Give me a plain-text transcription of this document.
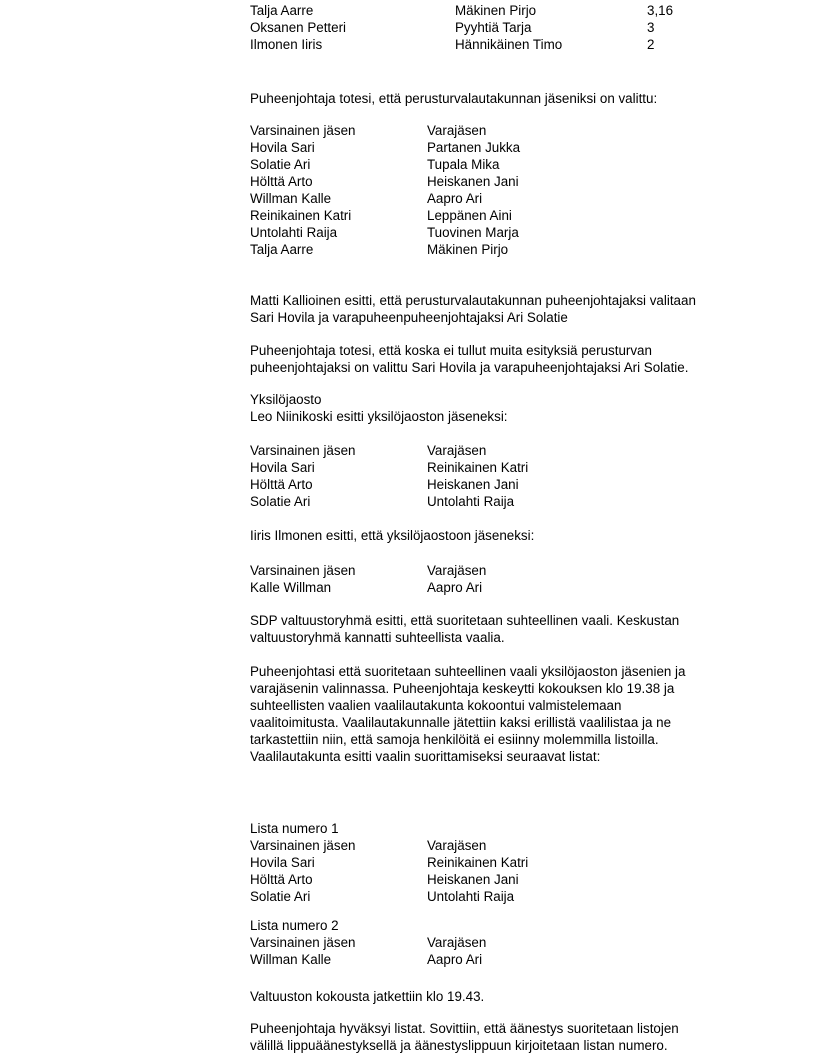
Talja Aarre	Mäkinen Pirjo	3,16
Oksanen Petteri	Pyyhtiä Tarja	3
Ilmonen Iiris	Hännikäinen Timo	2
Puheenjohtaja totesi, että perusturvalautakunnan jäseniksi on valittu:
Varsinainen jäsen	Varajäsen
Hovila Sari	Partanen Jukka
Solatie Ari	Tupala Mika
Hölttä Arto	Heiskanen Jani
Willman Kalle	Aapro Ari
Reinikainen Katri	Leppänen Aini
Untolahti Raija	Tuovinen Marja
Talja Aarre	Mäkinen Pirjo
Matti Kallioinen esitti, että perusturvalautakunnan puheenjohtajaksi valitaan
Sari Hovila ja varapuheenpuheenjohtajaksi Ari Solatie
Puheenjohtaja totesi, että koska ei tullut muita esityksiä perusturvan
puheenjohtajaksi on valittu Sari Hovila ja varapuheenjohtajaksi Ari Solatie.
Yksilöjaosto
Leo Niinikoski esitti yksilöjaoston jäseneksi:
Varsinainen jäsen	Varajäsen
Hovila Sari	Reinikainen Katri
Hölttä Arto	Heiskanen Jani
Solatie Ari	Untolahti Raija
Iiris Ilmonen esitti, että yksilöjaostoon jäseneksi:
Varsinainen jäsen	Varajäsen
Kalle Willman	Aapro Ari
SDP valtuustoryhmä esitti, että suoritetaan suhteellinen vaali. Keskustan
valtuustoryhmä kannatti suhteellista vaalia.
Puheenjohtasi että suoritetaan suhteellinen vaali yksilöjaoston jäsenien ja
varajäsenin valinnassa. Puheenjohtaja keskeytti kokouksen klo 19.38 ja
suhteellisten vaalien vaalilautakunta kokoontui valmistelemaan
vaalitoimitusta. Vaalilautakunnalle jätettiin kaksi erillistä vaalilistaa ja ne
tarkastettiin niin, että samoja henkilöitä ei esiinny molemmilla listoilla.
Vaalilautakunta esitti vaalin suorittamiseksi seuraavat listat:
Lista numero 1
Varsinainen jäsen	Varajäsen
Hovila Sari	Reinikainen Katri
Hölttä Arto	Heiskanen Jani
Solatie Ari	Untolahti Raija
Lista numero 2
Varsinainen jäsen	Varajäsen
Willman Kalle	Aapro Ari
Valtuuston kokousta jatkettiin klo 19.43.
Puheenjohtaja hyväksyi listat. Sovittiin, että äänestys suoritetaan listojen
välillä lippuäänestyksellä ja äänestyslippuun kirjoitetaan listan numero.
